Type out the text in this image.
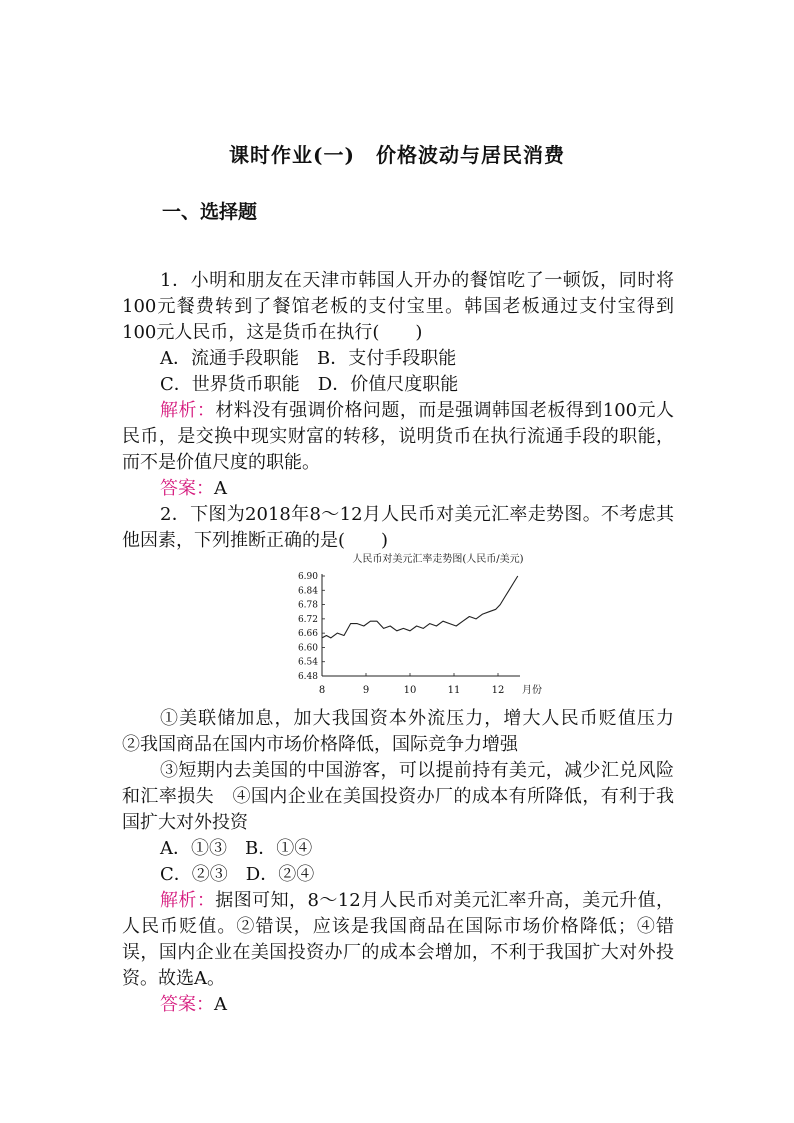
课时作业(一)　价格波动与居民消费
一、选择题

1．小明和朋友在天津市韩国人开办的餐馆吃了一顿饭，同时将100元餐费转到了餐馆老板的支付宝里。韩国老板通过支付宝得到100元人民币，这是货币在执行(　　)

A．流通手段职能　 B．支付手段职能
C．世界货币职能　 D．价值尺度职能

解析：材料没有强调价格问题，而是强调韩国老板得到100元人民币，是交换中现实财富的转移，说明货币在执行流通手段的职能，而不是价值尺度的职能。

答案：A

2．下图为2018年8～12月人民币对美元汇率走势图。不考虑其他因素，下列推断正确的是(　　)

人民币对美元汇率走势图(人民币/美元)
6.90
6.84
6.78
6.72
6.66
6.60
6.54
6.48
8	9	10	11	12 月份

①美联储加息，加大我国资本外流压力，增大人民币贬值压力　②我国商品在国内市场价格降低，国际竞争力增强

③短期内去美国的中国游客，可以提前持有美元，减少汇兑风险和汇率损失　④国内企业在美国投资办厂的成本有所降低，有利于我国扩大对外投资

A．①③　 B．①④
C．②③　 D．②④

解析：据图可知，8～12月人民币对美元汇率升高，美元升值，人民币贬值。②错误，应该是我国商品在国际市场价格降低；④错误，国内企业在美国投资办厂的成本会增加，不利于我国扩大对外投资。故选A。

答案：A
